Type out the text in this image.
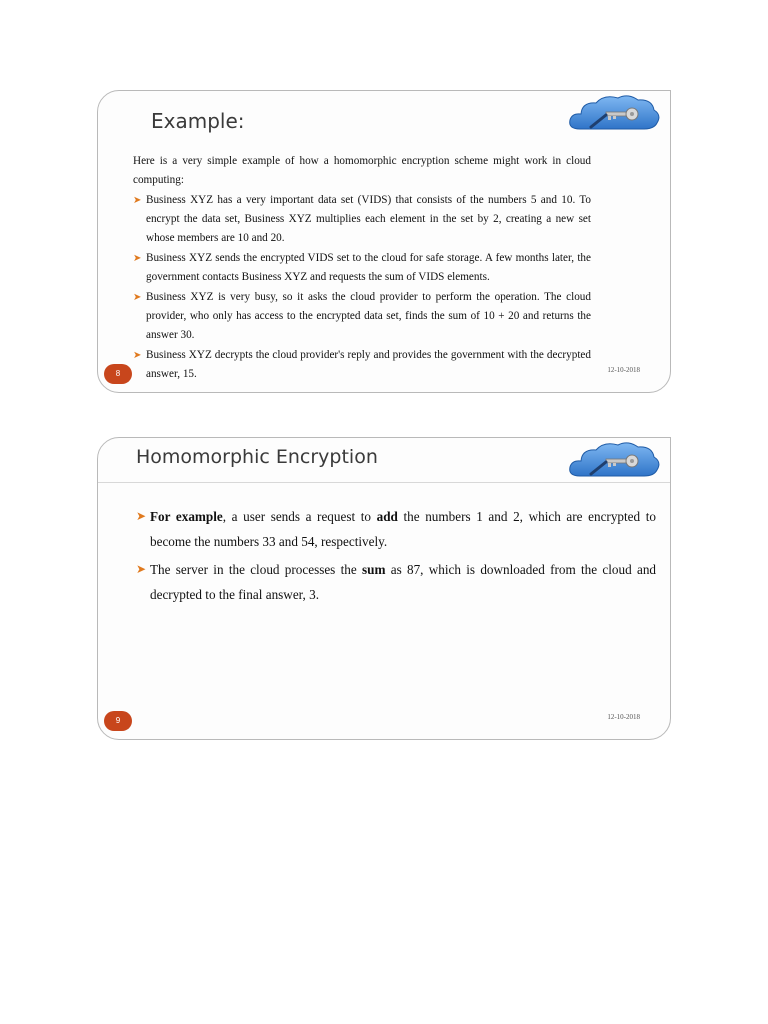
Example:

Here is a very simple example of how a homomorphic encryption scheme might work in cloud computing:

➤ Business XYZ has a very important data set (VIDS) that consists of the numbers 5 and 10. To encrypt the data set, Business XYZ multiplies each element in the set by 2, creating a new set whose members are 10 and 20.
➤ Business XYZ sends the encrypted VIDS set to the cloud for safe storage. A few months later, the government contacts Business XYZ and requests the sum of VIDS elements.
➤ Business XYZ is very busy, so it asks the cloud provider to perform the operation. The cloud provider, who only has access to the encrypted data set, finds the sum of 10 + 20 and returns the answer 30.
➤ Business XYZ decrypts the cloud provider's reply and provides the government with the decrypted answer, 15.
8	12-10-2018
Homomorphic Encryption
➤ For example, a user sends a request to add the numbers 1 and 2, which are encrypted to become the numbers 33 and 54, respectively.
➤ The server in the cloud processes the sum as 87, which is downloaded from the cloud and decrypted to the final answer, 3.
9	12-10-2018
